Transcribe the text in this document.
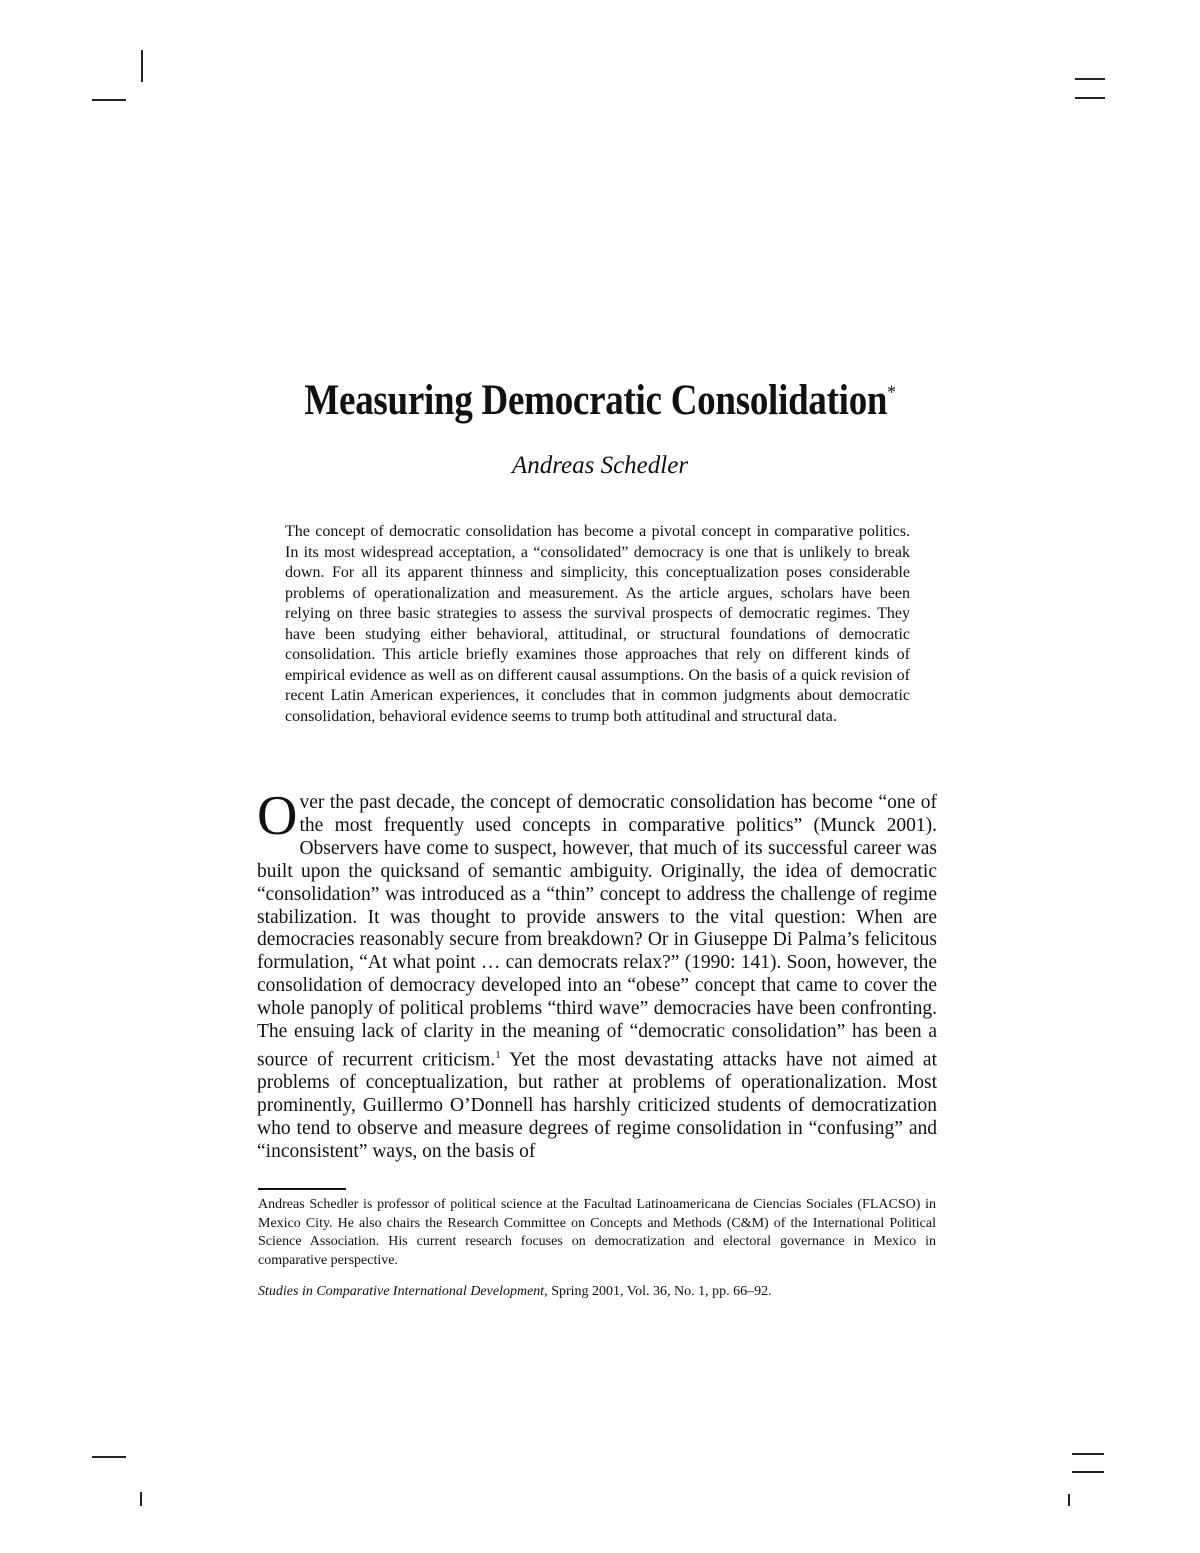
Measuring Democratic Consolidation*
Andreas Schedler
The concept of democratic consolidation has become a pivotal concept in comparative politics. In its most widespread acceptation, a “consolidated” democracy is one that is unlikely to break down. For all its apparent thinness and simplicity, this conceptualization poses considerable problems of operationalization and measurement. As the article argues, scholars have been relying on three basic strategies to assess the survival prospects of democratic regimes. They have been studying either behavioral, attitudinal, or structural foundations of democratic consolidation. This article briefly examines those approaches that rely on different kinds of empirical evidence as well as on different causal assumptions. On the basis of a quick revision of recent Latin American experiences, it concludes that in common judgments about democratic consolidation, behavioral evidence seems to trump both attitudinal and structural data.
Over the past decade, the concept of democratic consolidation has become “one of the most frequently used concepts in comparative politics” (Munck 2001). Observers have come to suspect, however, that much of its successful career was built upon the quicksand of semantic ambiguity. Originally, the idea of democratic “consolidation” was introduced as a “thin” concept to address the challenge of regime stabilization. It was thought to provide answers to the vital question: When are democracies reasonably secure from breakdown? Or in Giuseppe Di Palma’s felicitous formulation, “At what point … can democrats relax?” (1990: 141). Soon, however, the consolidation of democracy developed into an “obese” concept that came to cover the whole panoply of political problems “third wave” democracies have been confronting. The ensuing lack of clarity in the meaning of “democratic consolidation” has been a source of recurrent criticism.$^1$ Yet the most devastating attacks have not aimed at problems of conceptualization, but rather at problems of operationalization. Most prominently, Guillermo O’Donnell has harshly criticized students of democratization who tend to observe and measure degrees of regime consolidation in “confusing” and “inconsistent” ways, on the basis of
Andreas Schedler is professor of political science at the Facultad Latinoamericana de Ciencias Sociales (FLACSO) in Mexico City. He also chairs the Research Committee on Concepts and Methods (C&M) of the International Political Science Association. His current research focuses on democratization and electoral governance in Mexico in comparative perspective.
Studies in Comparative International Development, Spring 2001, Vol. 36, No. 1, pp. 66–92.
